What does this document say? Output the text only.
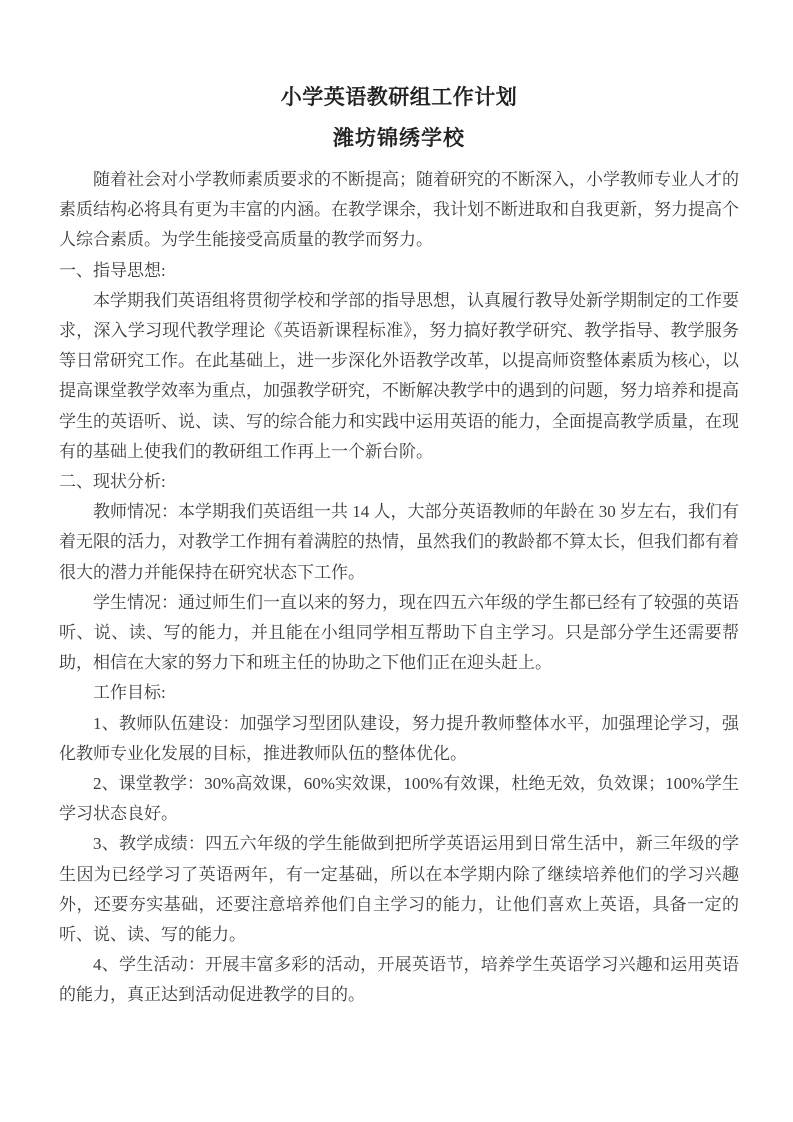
小学英语教研组工作计划
潍坊锦绣学校

随着社会对小学教师素质要求的不断提高；随着研究的不断深入，小学教师专业人才的素质结构必将具有更为丰富的内涵。在教学课余，我计划不断进取和自我更新，努力提高个人综合素质。为学生能接受高质量的教学而努力。

一、指导思想:

本学期我们英语组将贯彻学校和学部的指导思想，认真履行教导处新学期制定的工作要求，深入学习现代教学理论《英语新课程标准》，努力搞好教学研究、教学指导、教学服务等日常研究工作。在此基础上，进一步深化外语教学改革，以提高师资整体素质为核心，以提高课堂教学效率为重点，加强教学研究，不断解决教学中的遇到的问题，努力培养和提高学生的英语听、说、读、写的综合能力和实践中运用英语的能力，全面提高教学质量，在现有的基础上使我们的教研组工作再上一个新台阶。

二、现状分析:

教师情况：本学期我们英语组一共 14 人，大部分英语教师的年龄在 30 岁左右，我们有着无限的活力，对教学工作拥有着满腔的热情，虽然我们的教龄都不算太长，但我们都有着很大的潜力并能保持在研究状态下工作。

学生情况：通过师生们一直以来的努力，现在四五六年级的学生都已经有了较强的英语听、说、读、写的能力，并且能在小组同学相互帮助下自主学习。只是部分学生还需要帮助，相信在大家的努力下和班主任的协助之下他们正在迎头赶上。

工作目标:

1、教师队伍建设：加强学习型团队建设，努力提升教师整体水平，加强理论学习，强化教师专业化发展的目标，推进教师队伍的整体优化。

2、课堂教学：30%高效课，60%实效课，100%有效课，杜绝无效，负效课；100%学生学习状态良好。

3、教学成绩：四五六年级的学生能做到把所学英语运用到日常生活中，新三年级的学生因为已经学习了英语两年，有一定基础，所以在本学期内除了继续培养他们的学习兴趣外，还要夯实基础，还要注意培养他们自主学习的能力，让他们喜欢上英语，具备一定的听、说、读、写的能力。

4、学生活动：开展丰富多彩的活动，开展英语节，培养学生英语学习兴趣和运用英语的能力，真正达到活动促进教学的目的。
